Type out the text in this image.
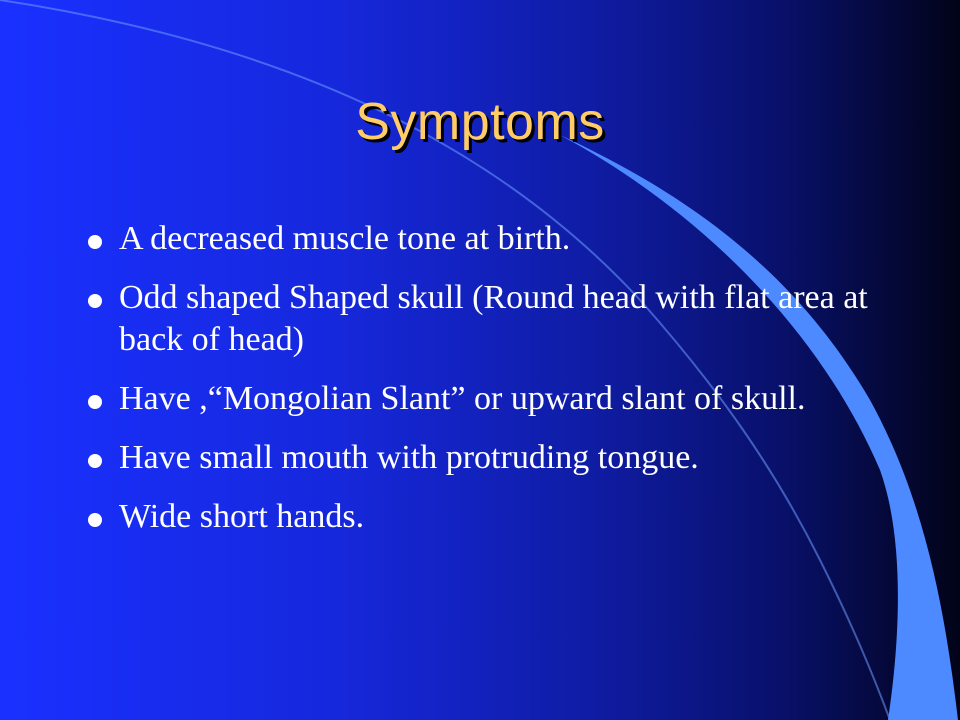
Symptoms
A decreased muscle tone at birth.
Odd shaped Shaped skull (Round head with flat area at back of head)
Have ,“Mongolian Slant” or upward slant of skull.
Have small mouth with protruding tongue.
Wide short hands.
